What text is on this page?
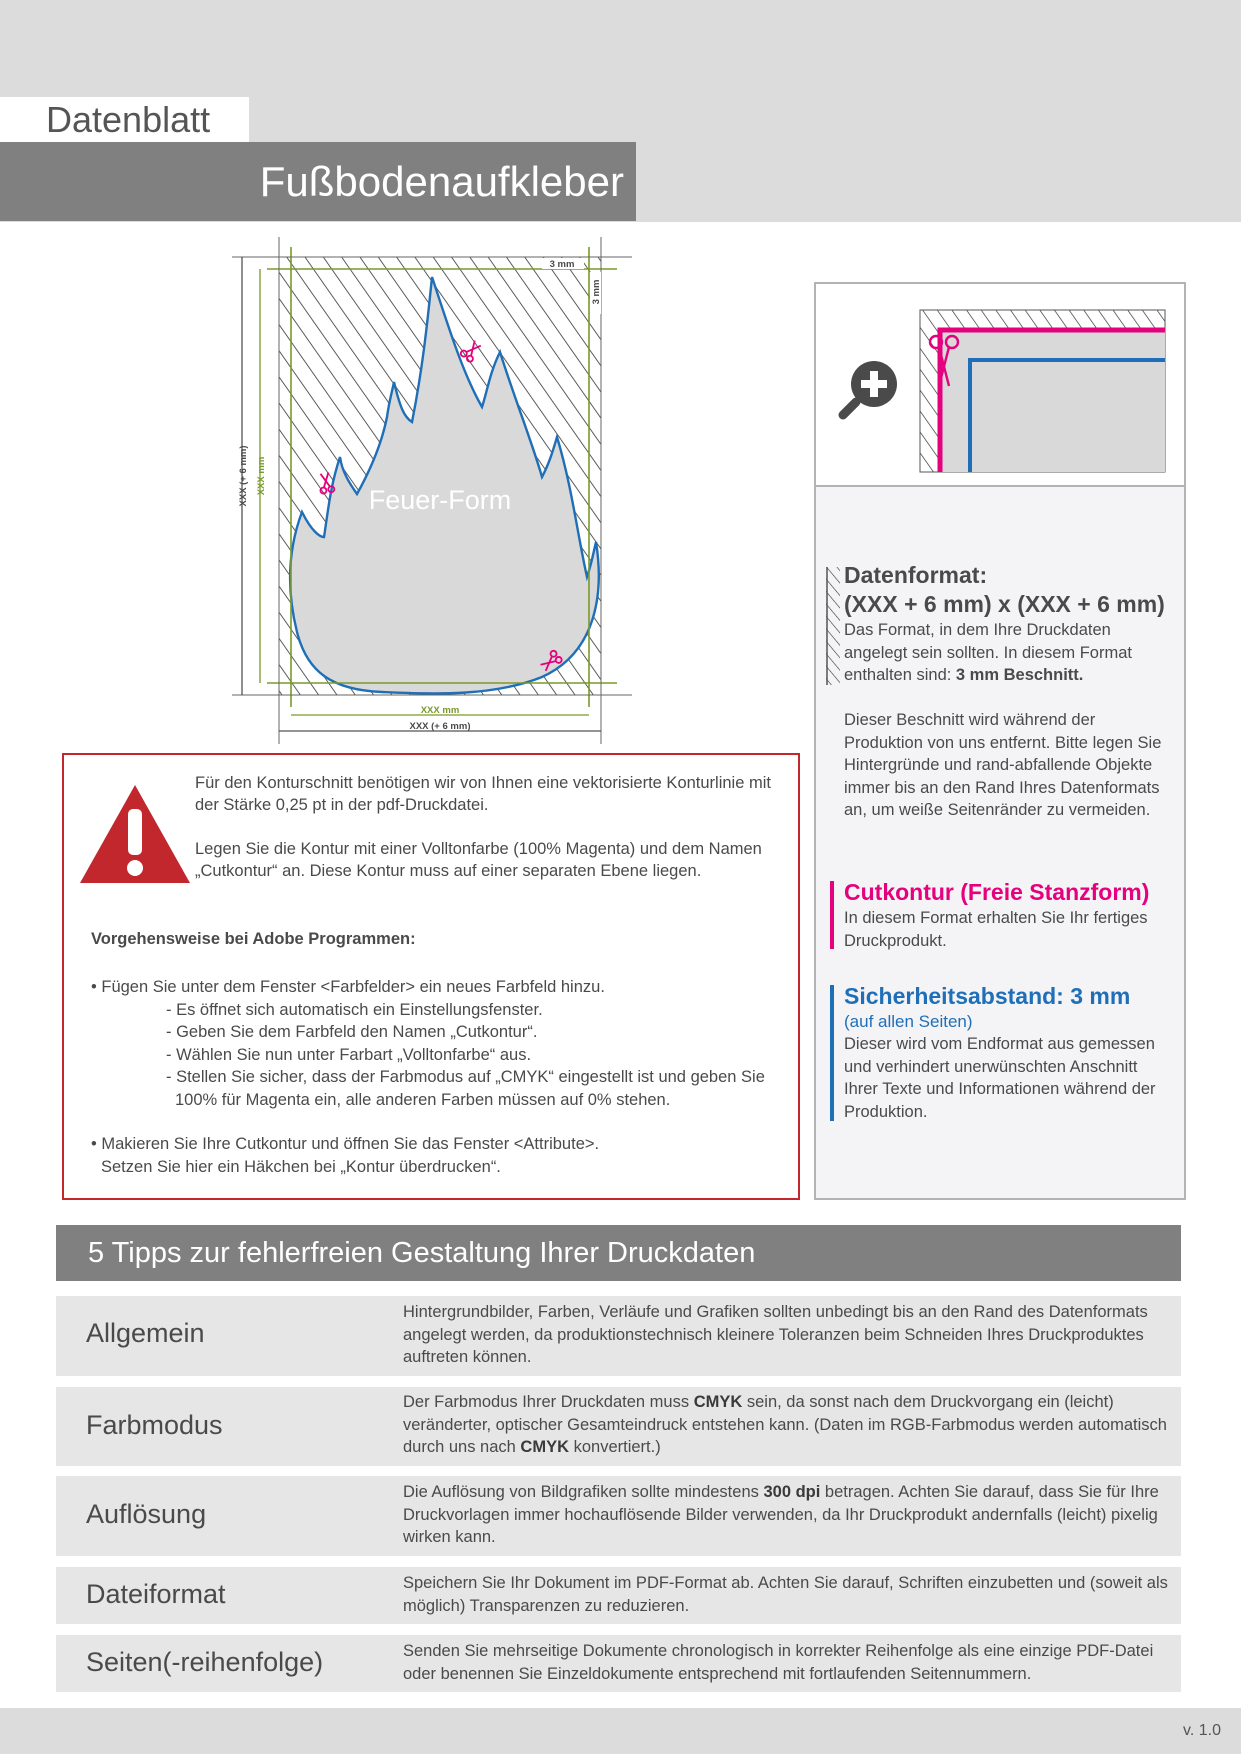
Datenblatt
Fußbodenaufkleber
XXX (+ 6 mm) XXX mm
XXX mm
XXX (+ 6 mm)
3 mm
3 mm
Feuer-Form

Für den Konturschnitt benötigen wir von Ihnen eine vektorisierte Konturlinie mit der Stärke 0,25 pt in der pdf-Druckdatei.

Legen Sie die Kontur mit einer Volltonfarbe (100% Magenta) und dem Namen „Cutkontur“ an. Diese Kontur muss auf einer separaten Ebene liegen.

Vorgehensweise bei Adobe Programmen:
• Fügen Sie unter dem Fenster <Farbfelder> ein neues Farbfeld hinzu.
- Es öffnet sich automatisch ein Einstellungsfenster.
- Geben Sie dem Farbfeld den Namen „Cutkontur“.
- Wählen Sie nun unter Farbart „Volltonfarbe“ aus.
- Stellen Sie sicher, dass der Farbmodus auf „CMYK“ eingestellt ist und geben Sie
100% für Magenta ein, alle anderen Farben müssen auf 0% stehen.
• Makieren Sie Ihre Cutkontur und öffnen Sie das Fenster <Attribute>.
Setzen Sie hier ein Häkchen bei „Kontur überdrucken“.
Datenformat:
(XXX + 6 mm) x (XXX + 6 mm)
Das Format, in dem Ihre Druckdaten angelegt sein sollten. In diesem Format enthalten sind: 3 mm Beschnitt.
Dieser Beschnitt wird während der Produktion von uns entfernt. Bitte legen Sie Hintergründe und rand-abfallende Objekte immer bis an den Rand Ihres Datenformats an, um weiße Seitenränder zu vermeiden.
Cutkontur (Freie Stanzform)
In diesem Format erhalten Sie Ihr fertiges Druckprodukt.
Sicherheitsabstand: 3 mm
(auf allen Seiten)
Dieser wird vom Endformat aus gemessen und verhindert unerwünschten Anschnitt Ihrer Texte und Informationen während der Produktion.
5 Tipps zur fehlerfreien Gestaltung Ihrer Druckdaten
Allgemein
Hintergrundbilder, Farben, Verläufe und Grafiken sollten unbedingt bis an den Rand des Datenformats angelegt werden, da produktionstechnisch kleinere Toleranzen beim Schneiden Ihres Druckproduktes auftreten können.
Farbmodus
Der Farbmodus Ihrer Druckdaten muss CMYK sein, da sonst nach dem Druckvorgang ein (leicht) veränderter, optischer Gesamteindruck entstehen kann. (Daten im RGB-Farbmodus werden automatisch durch uns nach CMYK konvertiert.)
Auflösung
Die Auflösung von Bildgrafiken sollte mindestens 300 dpi betragen. Achten Sie darauf, dass Sie für Ihre Druckvorlagen immer hochauflösende Bilder verwenden, da Ihr Druckprodukt andernfalls (leicht) pixelig wirken kann.
Dateiformat	Speichern Sie Ihr Dokument im PDF-Format ab. Achten Sie darauf, Schriften einzubetten und (soweit als möglich) Transparenzen zu reduzieren.
Seiten(-reihenfolge)	Senden Sie mehrseitige Dokumente chronologisch in korrekter Reihenfolge als eine einzige PDF-Datei oder benennen Sie Einzeldokumente entsprechend mit fortlaufenden Seitennummern.
v. 1.0
